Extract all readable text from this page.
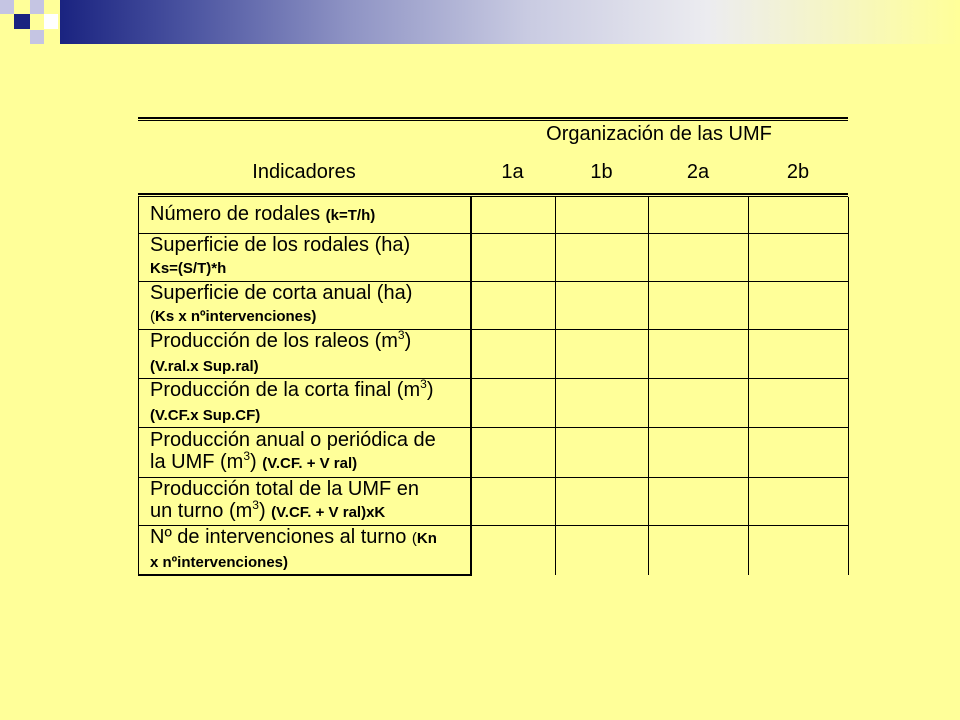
Organización de las UMF
Indicadores	1a	1b	2a	2b
Número de rodales (k=T/h)				

Superficie de los rodales (ha)
Ks=(S/T)*h				

Superficie de corta anual (ha)
(Ks x nºintervenciones)				

Producción de los raleos $(m^3)$
(V.ral.x Sup.ral)				

Producción de la corta final $(m^3)$
(V.CF.x Sup.CF)				

Producción anual o periódica de
la UMF $(m^3) (V.CF$. + V ral)				

Producción total de la UMF en
un turno $(m^3) (V.CF$. + V ral)xK				

Nº de intervenciones al turno (Kn
x nºintervenciones)				
